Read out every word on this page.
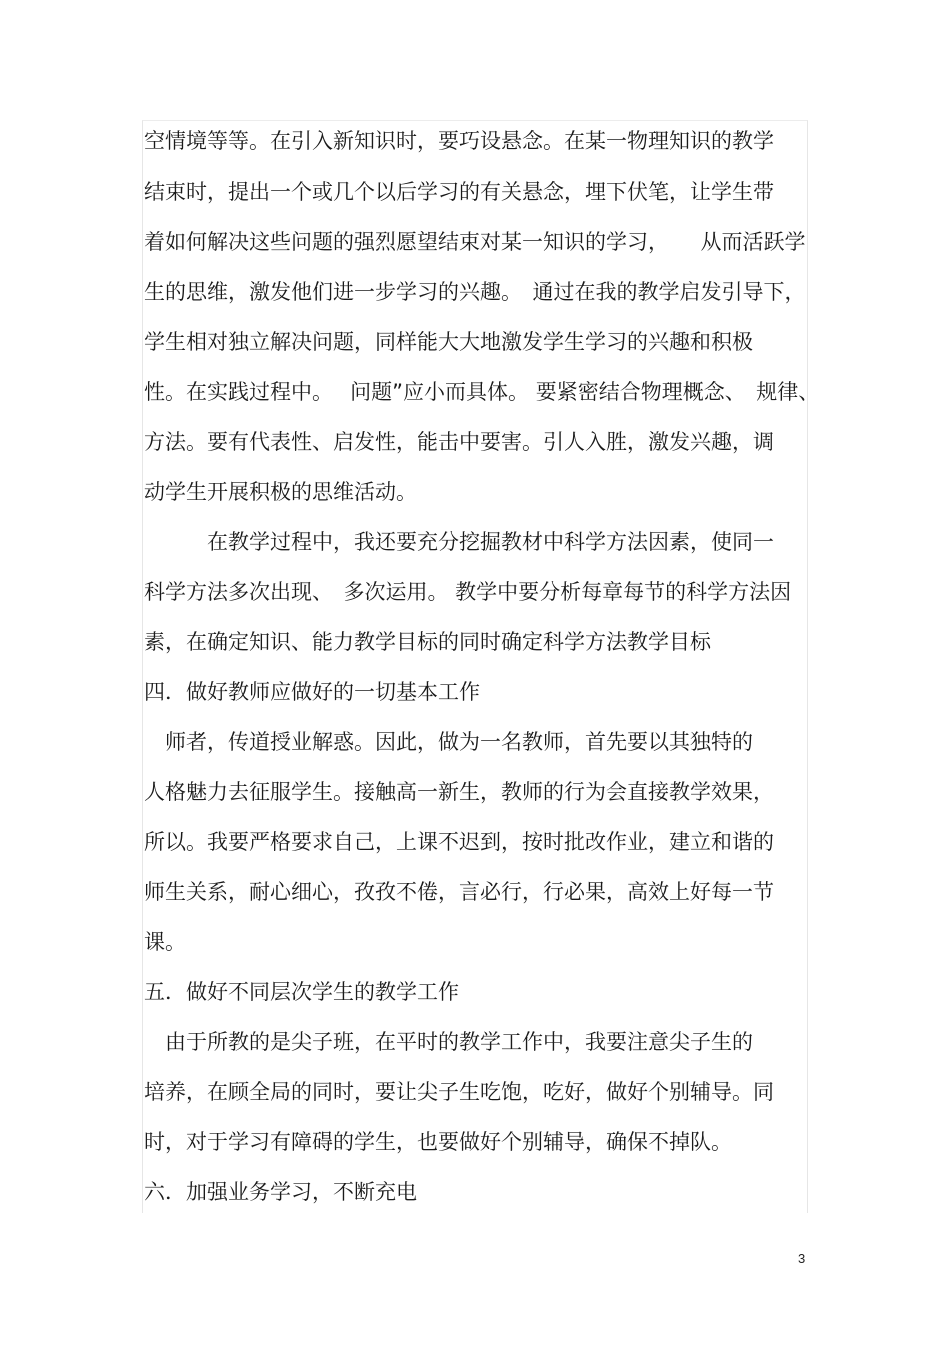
空情境等等。在引入新知识时，要巧设悬念。在某一物理知识的教学
结束时，提出一个或几个以后学习的有关悬念，埋下伏笔，让学生带
着如何解决这些问题的强烈愿望结束对某一知识的学习，　　从而活跃学
生的思维，激发他们进一步学习的兴趣。　通过在我的教学启发引导下，
学生相对独立解决问题，同样能大大地激发学生学习的兴趣和积极
性。在实践过程中。　 问题”应小而具体。 要紧密结合物理概念、　规律、
方法。要有代表性、启发性，能击中要害。引人入胜，激发兴趣，调
动学生开展积极的思维活动。
　　　在教学过程中，我还要充分挖掘教材中科学方法因素，使同一
科学方法多次出现、　多次运用。 教学中要分析每章每节的科学方法因
素，在确定知识、能力教学目标的同时确定科学方法教学目标
四．做好教师应做好的一切基本工作
　师者，传道授业解惑。因此，做为一名教师，首先要以其独特的
人格魅力去征服学生。接触高一新生，教师的行为会直接教学效果，
所以。我要严格要求自己，上课不迟到，按时批改作业，建立和谐的
师生关系，耐心细心，孜孜不倦，言必行，行必果，高效上好每一节
课。
五．做好不同层次学生的教学工作
　由于所教的是尖子班，在平时的教学工作中，我要注意尖子生的
培养，在顾全局的同时，要让尖子生吃饱，吃好，做好个别辅导。同
时，对于学习有障碍的学生，也要做好个别辅导，确保不掉队。
六．加强业务学习，不断充电
3
